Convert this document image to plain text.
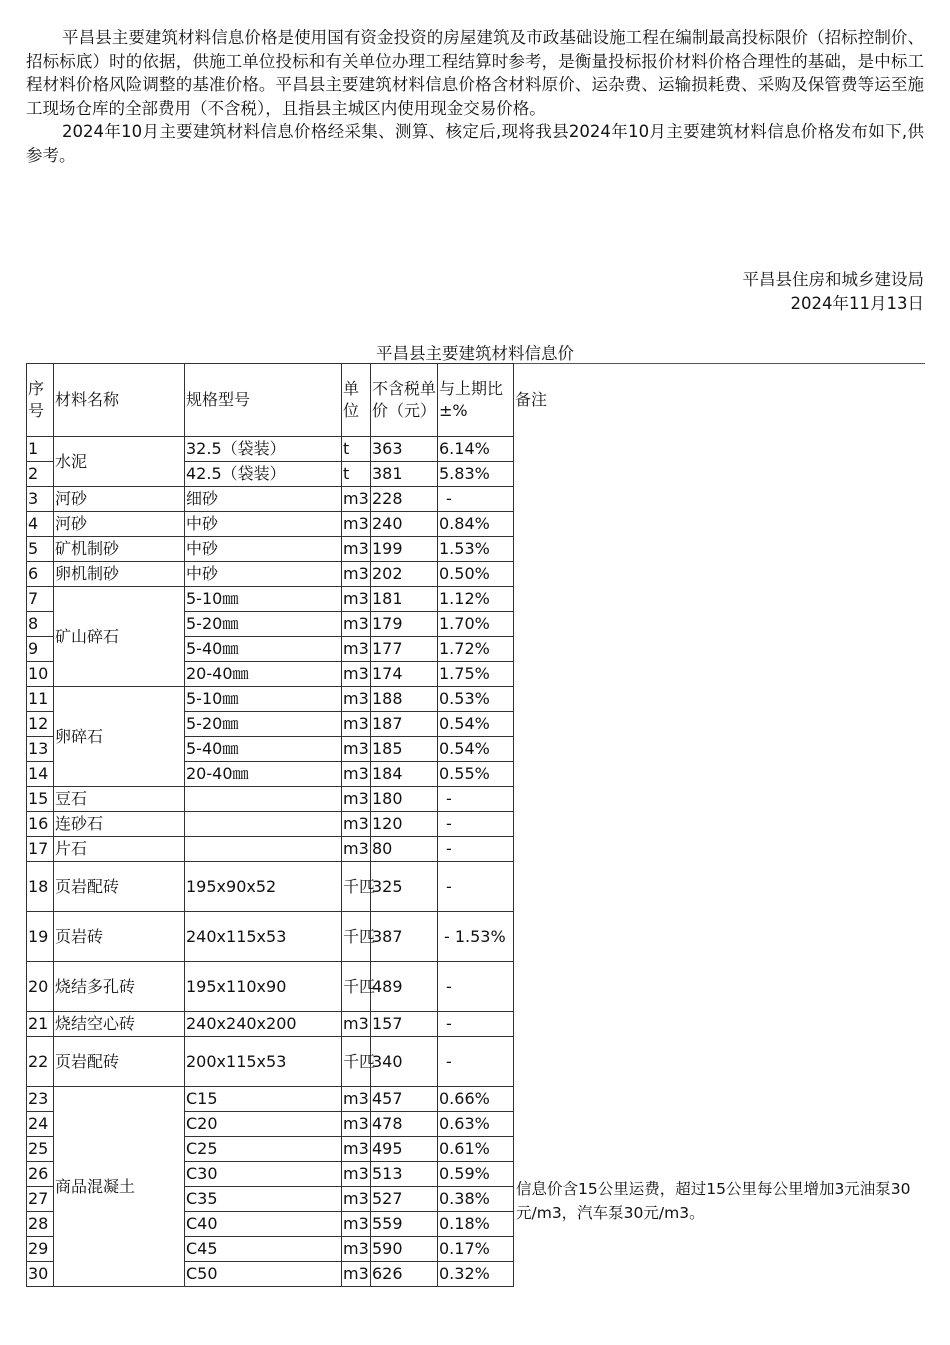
平昌县主要建筑材料信息价格是使用国有资金投资的房屋建筑及市政基础设施工程在编制最高投标限价（招标控制价、招标标底）时的依据，供施工单位投标和有关单位办理工程结算时参考，是衡量投标报价材料价格合理性的基础，是中标工程材料价格风险调整的基准价格。平昌县主要建筑材料信息价格含材料原价、运杂费、运输损耗费、采购及保管费等运至施工现场仓库的全部费用（不含税），且指县主城区内使用现金交易价格。

2024年10月主要建筑材料信息价格经采集、测算、核定后,现将我县2024年10月主要建筑材料信息价格发布如下,供参考。

平昌县住房和城乡建设局
2024年11月13日
平昌县主要建筑材料信息价
序号	材料名称	规格型号	单位	不含税单价（元）	与上期比±%	备注
1	水泥	32.5（袋装）	t	363	6.14%	
2		42.5（袋装）	t	381	5.83%	
3	河砂	细砂	m3	228	-	
4	河砂	中砂	m3	240	0.84%	
5	矿机制砂	中砂	m3	199	1.53%	
6	卵机制砂	中砂	m3	202	0.50%	
7	矿山碎石	5-10㎜	m3	181	1.12%	
8		5-20㎜	m3	179	1.70%	
9		5-40㎜	m3	177	1.72%	
10		20-40㎜	m3	174	1.75%	
11	卵碎石	5-10㎜	m3	188	0.53%	
12		5-20㎜	m3	187	0.54%	
13		5-40㎜	m3	185	0.54%	
14		20-40㎜	m3	184	0.55%	
15	豆石		m3	180	-	
16	连砂石		m3	120	-	
17	片石		m3	80	-	
18	页岩配砖	195x90x52	千匹	325	-	
19	页岩砖	240x115x53	千匹	387	- 1.53%	
20	烧结多孔砖	195x110x90	千匹	489	-	
21	烧结空心砖	240x240x200	m3	157	-	
22	页岩配砖	200x115x53	千匹	340	-	
23	商品混凝土	C15	m3	457	0.66%	信息价含15公里运费，超过15公里每公里增加3元油泵30元/m3，汽车泵30元/m3。
24		C20	m3	478	0.63%	
25		C25	m3	495	0.61%	
26		C30	m3	513	0.59%	
27		C35	m3	527	0.38%	
28		C40	m3	559	0.18%	
29		C45	m3	590	0.17%	
30		C50	m3	626	0.32%	
